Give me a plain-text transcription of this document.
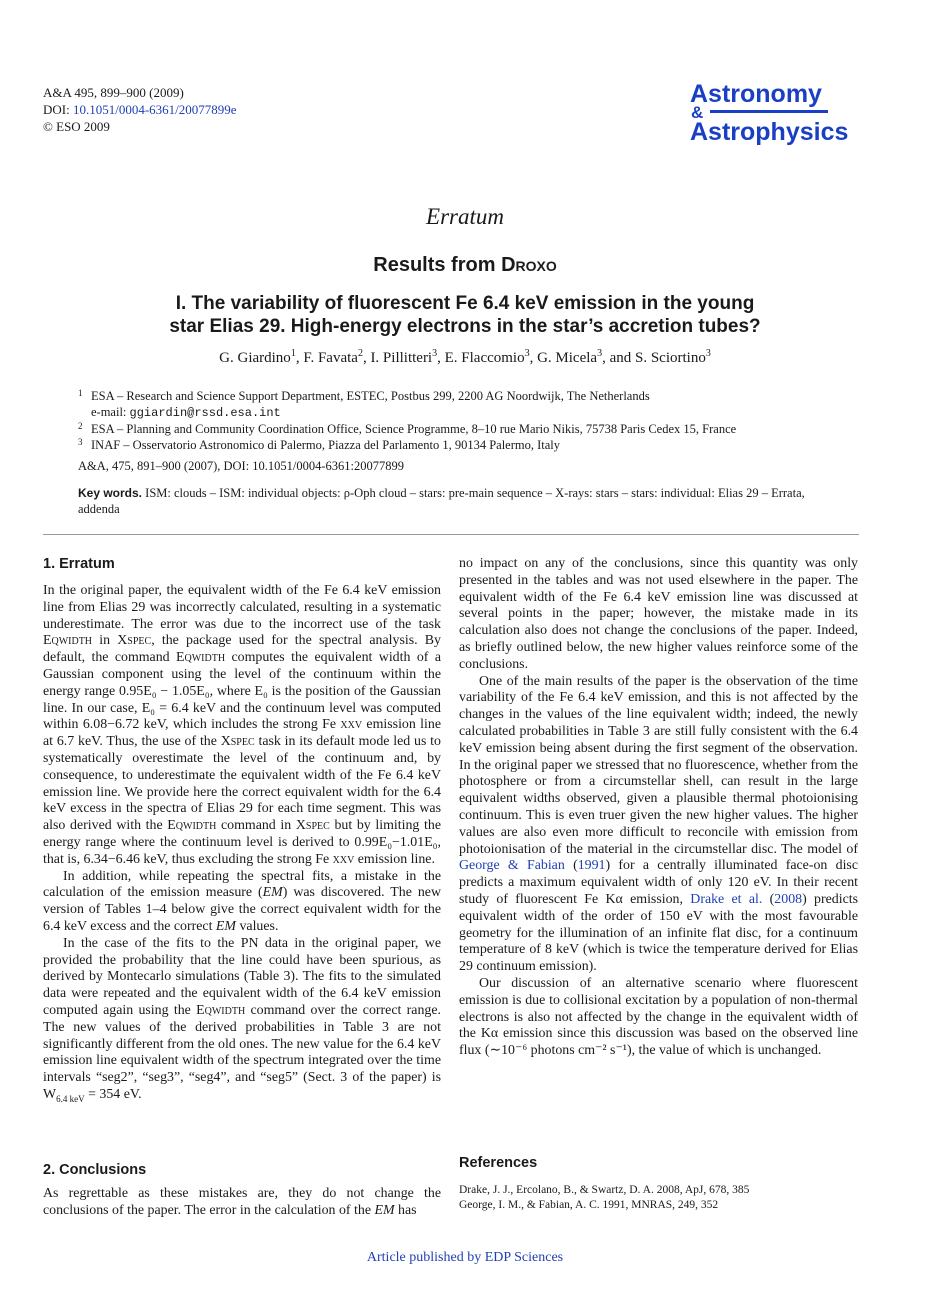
A&A 495, 899–900 (2009)
DOI: 10.1051/0004-6361/20077899e
© ESO 2009
Astronomy
&
Astrophysics
Erratum
Results from Droxo
I. The variability of fluorescent Fe 6.4 keV emission in the young
star Elias 29. High-energy electrons in the star’s accretion tubes?
G. Giardino$^1$, F. Favata$^2$, I. Pillitteri$^3$, E. Flaccomio$^3$, G. Micela$^3$, and S. Sciortino$^3$
1 ESA – Research and Science Support Department, ESTEC, Postbus 299, 2200 AG Noordwijk, The Netherlands
e-mail: ggiardin@rssd.esa.int
2 ESA – Planning and Community Coordination Office, Science Programme, 8–10 rue Mario Nikis, 75738 Paris Cedex 15, France
3 INAF – Osservatorio Astronomico di Palermo, Piazza del Parlamento 1, 90134 Palermo, Italy
A&A, 475, 891–900 (2007), DOI: 10.1051/0004-6361:20077899
Key words. ISM: clouds – ISM: individual objects: ρ-Oph cloud – stars: pre-main sequence – X-rays: stars – stars: individual: Elias 29 – Errata, addenda
1. Erratum

In the original paper, the equivalent width of the Fe 6.4 keV emission line from Elias 29 was incorrectly calculated, resulting in a systematic underestimate. The error was due to the incorrect use of the task Eqwidth in Xspec, the package used for the spectral analysis. By default, the command Eqwidth computes the equivalent width of a Gaussian component using the level of the continuum within the energy range 0.95E₀ − 1.05E₀, where E₀ is the position of the Gaussian line. In our case, E₀ = 6.4 keV and the continuum level was computed within 6.08−6.72 keV, which includes the strong Fe xxv emission line at 6.7 keV. Thus, the use of the Xspec task in its default mode led us to systematically overestimate the level of the continuum and, by consequence, to underestimate the equivalent width of the Fe 6.4 keV emission line. We provide here the correct equivalent width for the 6.4 keV excess in the spectra of Elias 29 for each time segment. This was also derived with the Eqwidth command in Xspec but by limiting the energy range where the continuum level is derived to 0.99E₀−1.01E₀, that is, 6.34−6.46 keV, thus excluding the strong Fe xxv emission line.

In addition, while repeating the spectral fits, a mistake in the calculation of the emission measure (EM) was discovered. The new version of Tables 1–4 below give the correct equivalent width for the 6.4 keV excess and the correct EM values.

In the case of the fits to the PN data in the original paper, we provided the probability that the line could have been spurious, as derived by Montecarlo simulations (Table 3). The fits to the simulated data were repeated and the equivalent width of the 6.4 keV emission computed again using the Eqwidth command over the correct range. The new values of the derived probabilities in Table 3 are not significantly different from the old ones. The new value for the 6.4 keV emission line equivalent width of the spectrum integrated over the time intervals “seg2”, “seg3”, “seg4”, and “seg5” (Sect. 3 of the paper) is $W_{6.4 keV} = 354$ eV.

2. Conclusions

As regrettable as these mistakes are, they do not change the conclusions of the paper. The error in the calculation of the EM has

no impact on any of the conclusions, since this quantity was only presented in the tables and was not used elsewhere in the paper. The equivalent width of the Fe 6.4 keV emission line was discussed at several points in the paper; however, the mistake made in its calculation also does not change the conclusions of the paper. Indeed, as briefly outlined below, the new higher values reinforce some of the conclusions.

One of the main results of the paper is the observation of the time variability of the Fe 6.4 keV emission, and this is not affected by the changes in the values of the line equivalent width; indeed, the newly calculated probabilities in Table 3 are still fully consistent with the 6.4 keV emission being absent during the first segment of the observation. In the original paper we stressed that no fluorescence, whether from the photosphere or from a circumstellar shell, can result in the large equivalent widths observed, given a plausible thermal photoionising continuum. This is even truer given the new higher values. The higher values are also even more difficult to reconcile with emission from photoionisation of the material in the circumstellar disc. The model of George & Fabian (1991) for a centrally illuminated face-on disc predicts a maximum equivalent width of only 120 eV. In their recent study of fluorescent Fe Kα emission, Drake et al. (2008) predicts equivalent width of the order of 150 eV with the most favourable geometry for the illumination of an infinite flat disc, for a continuum temperature of 8 keV (which is twice the temperature derived for Elias 29 continuum emission).

Our discussion of an alternative scenario where fluorescent emission is due to collisional excitation by a population of non-thermal electrons is also not affected by the change in the equivalent width of the Kα emission since this discussion was based on the observed line flux (∼10⁻⁶ photons cm⁻² s⁻¹), the value of which is unchanged.

References
Drake, J. J., Ercolano, B., & Swartz, D. A. 2008, ApJ, 678, 385
George, I. M., & Fabian, A. C. 1991, MNRAS, 249, 352
Article published by EDP Sciences
